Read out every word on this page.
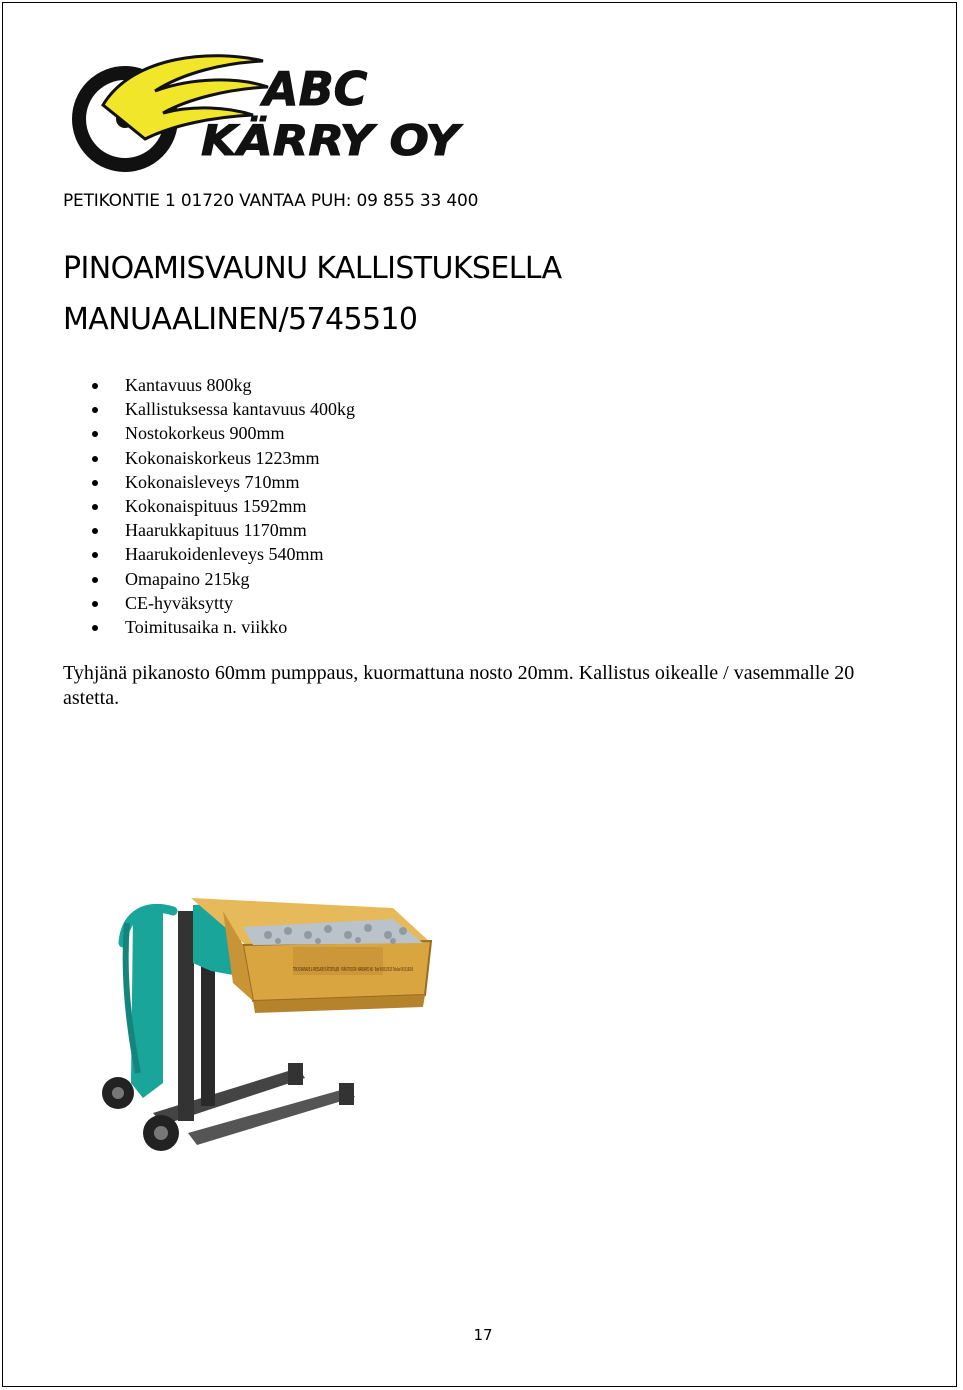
ABC
KÄRRY OY
PETIKONTIE 1 01720 VANTAA PUH: 09 855 33 400
PINOAMISVAUNU KALLISTUKSELLA
MANUAALINEN/5745510
Kantavuus 800kg
Kallistuksessa kantavuus 400kg
Nostokorkeus 900mm
Kokonaiskorkeus 1223mm
Kokonaisleveys 710mm
Kokonaispituus 1592mm
Haarukkapituus 1170mm
Haarukoidenleveys 540mm
Omapaino 215kg
CE-hyväksytty
Toimitusaika n. viikko
Tyhjänä pikanosto 60mm pumppaus, kuormattuna nosto 20mm. Kallistus oikealle / vasemmalle 20 astetta.
TRYCKSVARVADE & PRESSADE PLÅTDETALJER · FRÅN TRYCKTA I MARKARYD AB · Telef 0433/10515 Telefax 0433/10916
17
